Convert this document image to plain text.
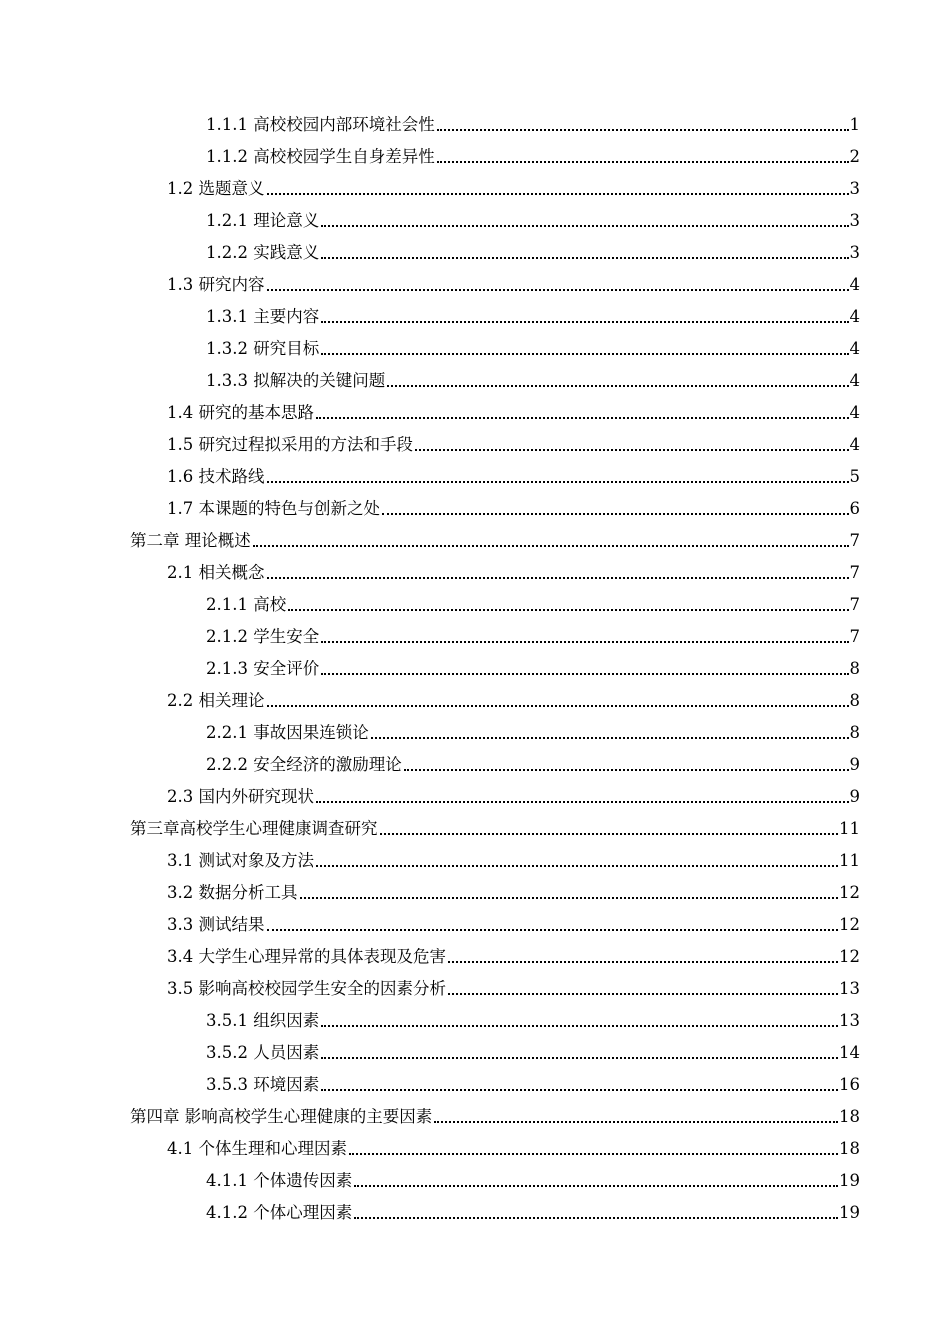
1.1.1 高校校园内部环境社会性	1
1.1.2 高校校园学生自身差异性	2
1.2 选题意义	3
1.2.1 理论意义	3
1.2.2 实践意义	3
1.3 研究内容	4
1.3.1 主要内容	4
1.3.2 研究目标	4
1.3.3 拟解决的关键问题	4
1.4 研究的基本思路	4
1.5 研究过程拟采用的方法和手段	4
1.6 技术路线	5
1.7 本课题的特色与创新之处	6
第二章 理论概述	7
2.1 相关概念	7
2.1.1 高校	7
2.1.2 学生安全	7
2.1.3 安全评价	8
2.2 相关理论	8
2.2.1 事故因果连锁论	8
2.2.2 安全经济的激励理论	9
2.3 国内外研究现状	9
第三章高校学生心理健康调查研究	11
3.1 测试对象及方法	11
3.2 数据分析工具	12
3.3 测试结果	12
3.4 大学生心理异常的具体表现及危害	12
3.5 影响高校校园学生安全的因素分析	13
3.5.1 组织因素	13
3.5.2 人员因素	14
3.5.3 环境因素	16
第四章 影响高校学生心理健康的主要因素	18
4.1 个体生理和心理因素	18
4.1.1 个体遗传因素	19
4.1.2 个体心理因素	19
